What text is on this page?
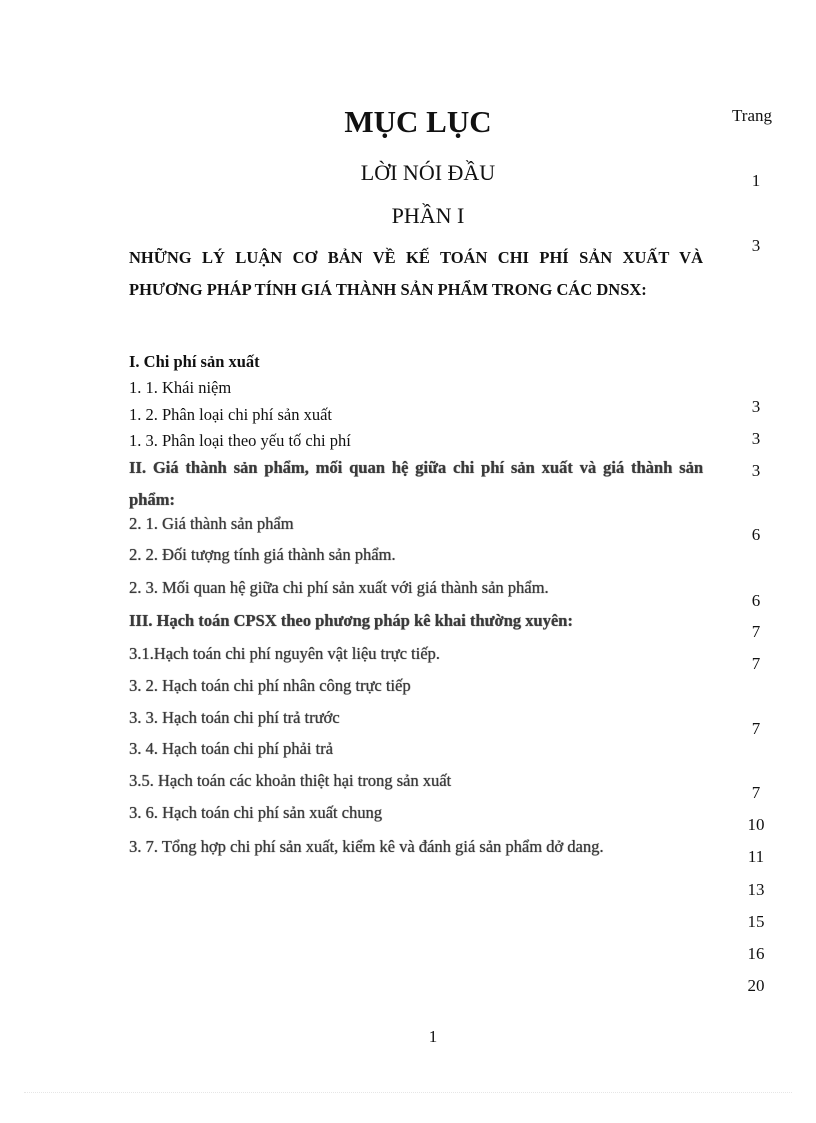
MỤC LỤC	Trang
LỜI NÓI ĐẦU
PHẦN I
NHỮNG LÝ LUẬN CƠ BẢN VỀ KẾ TOÁN CHI PHÍ SẢN XUẤT VÀ PHƯƠNG PHÁP TÍNH GIÁ THÀNH SẢN PHẨM TRONG CÁC DNSX:
I. Chi phí sản xuất
1. 1. Khái niệm
1. 2. Phân loại chi phí sản xuất
1. 3. Phân loại theo yếu tố chi phí
II. Giá thành sản phẩm, mối quan hệ giữa chi phí sản xuất và giá thành sản phẩm:
2. 1. Giá thành sản phẩm
2. 2. Đối tượng tính giá thành sản phẩm.
2. 3. Mối quan hệ giữa chi phí sản xuất với giá thành sản phẩm.
III. Hạch toán CPSX theo phương pháp kê khai thường xuyên:
3.1.Hạch toán chi phí nguyên vật liệu trực tiếp.
3. 2. Hạch toán chi phí nhân công trực tiếp
3. 3. Hạch toán chi phí trả trước
3. 4. Hạch toán chi phí phải trả
3.5. Hạch toán các khoản thiệt hại trong sản xuất
3. 6. Hạch toán chi phí sản xuất chung
3. 7. Tổng hợp chi phí sản xuất, kiểm kê và đánh giá sản phẩm dở dang.
1
3
3
3
3
6
6
7
7
7
7
10
11
13
15
16
20
1
